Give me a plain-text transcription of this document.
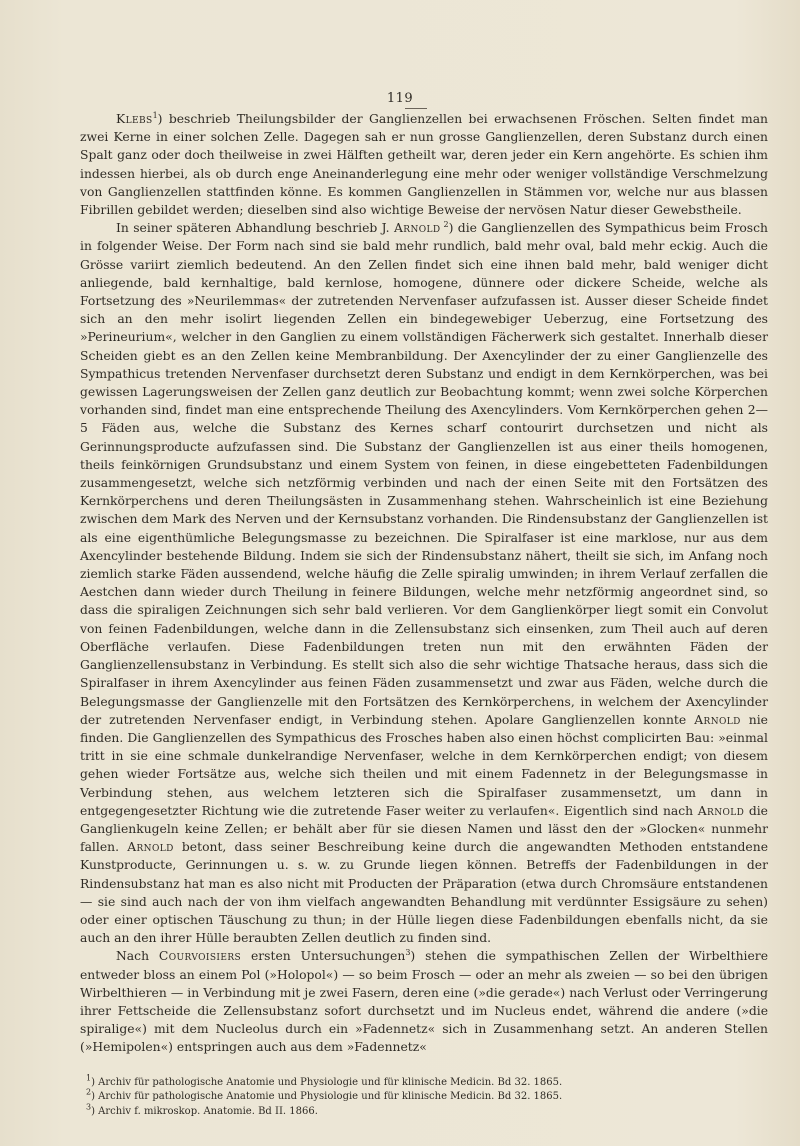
119

Klebs$^1$) beschrieb Theilungsbilder der Ganglienzellen bei erwachsenen Fröschen. Selten findet man zwei Kerne in einer solchen Zelle. Dagegen sah er nun grosse Ganglienzellen, deren Substanz durch einen Spalt ganz oder doch theilweise in zwei Hälften getheilt war, deren jeder ein Kern angehörte. Es schien ihm indessen hierbei, als ob durch enge Aneinanderlegung eine mehr oder weniger vollständige Verschmelzung von Ganglienzellen stattfinden könne. Es kommen Ganglienzellen in Stämmen vor, welche nur aus blassen Fibrillen gebildet werden; dieselben sind also wichtige Beweise der nervösen Natur dieser Gewebstheile.

In seiner späteren Abhandlung beschrieb J. Arnold $^2$) die Ganglienzellen des Sympathicus beim Frosch in folgender Weise. Der Form nach sind sie bald mehr rundlich, bald mehr oval, bald mehr eckig. Auch die Grösse variirt ziemlich bedeutend. An den Zellen findet sich eine ihnen bald mehr, bald weniger dicht anliegende, bald kernhaltige, bald kernlose, homogene, dünnere oder dickere Scheide, welche als Fortsetzung des »Neurilemmas« der zutretenden Nervenfaser aufzufassen ist. Ausser dieser Scheide findet sich an den mehr isolirt liegenden Zellen ein bindegewebiger Ueberzug, eine Fortsetzung des »Perineurium«, welcher in den Ganglien zu einem vollständigen Fächerwerk sich gestaltet. Innerhalb dieser Scheiden giebt es an den Zellen keine Membranbildung. Der Axencylinder der zu einer Ganglienzelle des Sympathicus tretenden Nervenfaser durchsetzt deren Substanz und endigt in dem Kernkörperchen, was bei gewissen Lagerungsweisen der Zellen ganz deutlich zur Beobachtung kommt; wenn zwei solche Körperchen vorhanden sind, findet man eine entsprechende Theilung des Axencylinders. Vom Kernkörperchen gehen 2—5 Fäden aus, welche die Substanz des Kernes scharf contourirt durchsetzen und nicht als Gerinnungsproducte aufzufassen sind. Die Substanz der Ganglienzellen ist aus einer theils homogenen, theils feinkörnigen Grundsubstanz und einem System von feinen, in diese eingebetteten Fadenbildungen zusammengesetzt, welche sich netzförmig verbinden und nach der einen Seite mit den Fortsätzen des Kernkörperchens und deren Theilungsästen in Zusammenhang stehen. Wahrscheinlich ist eine Beziehung zwischen dem Mark des Nerven und der Kernsubstanz vorhanden. Die Rindensubstanz der Ganglienzellen ist als eine eigenthümliche Belegungsmasse zu bezeichnen. Die Spiralfaser ist eine marklose, nur aus dem Axencylinder bestehende Bildung. Indem sie sich der Rindensubstanz nähert, theilt sie sich, im Anfang noch ziemlich starke Fäden aussendend, welche häufig die Zelle spiralig umwinden; in ihrem Verlauf zerfallen die Aestchen dann wieder durch Theilung in feinere Bildungen, welche mehr netzförmig angeordnet sind, so dass die spiraligen Zeichnungen sich sehr bald verlieren. Vor dem Ganglienkörper liegt somit ein Convolut von feinen Fadenbildungen, welche dann in die Zellensubstanz sich einsenken, zum Theil auch auf deren Oberfläche verlaufen. Diese Fadenbildungen treten nun mit den erwähnten Fäden der Ganglienzellensubstanz in Verbindung. Es stellt sich also die sehr wichtige Thatsache heraus, dass sich die Spiralfaser in ihrem Axencylinder aus feinen Fäden zusammensetzt und zwar aus Fäden, welche durch die Belegungsmasse der Ganglienzelle mit den Fortsätzen des Kernkörperchens, in welchem der Axencylinder der zutretenden Nervenfaser endigt, in Verbindung stehen. Apolare Ganglienzellen konnte Arnold nie finden. Die Ganglienzellen des Sympathicus des Frosches haben also einen höchst complicirten Bau: »einmal tritt in sie eine schmale dunkelrandige Nervenfaser, welche in dem Kernkörperchen endigt; von diesem gehen wieder Fortsätze aus, welche sich theilen und mit einem Fadennetz in der Belegungsmasse in Verbindung stehen, aus welchem letzteren sich die Spiralfaser zusammensetzt, um dann in entgegengesetzter Richtung wie die zutretende Faser weiter zu verlaufen«. Eigentlich sind nach Arnold die Ganglienkugeln keine Zellen; er behält aber für sie diesen Namen und lässt den der »Glocken« nunmehr fallen. Arnold betont, dass seiner Beschreibung keine durch die angewandten Methoden entstandene Kunstproducte, Gerinnungen u. s. w. zu Grunde liegen können. Betreffs der Fadenbildungen in der Rindensubstanz hat man es also nicht mit Producten der Präparation (etwa durch Chromsäure entstandenen — sie sind auch nach der von ihm vielfach angewandten Behandlung mit verdünnter Essigsäure zu sehen) oder einer optischen Täuschung zu thun; in der Hülle liegen diese Fadenbildungen ebenfalls nicht, da sie auch an den ihrer Hülle beraubten Zellen deutlich zu finden sind.

Nach Courvoisiers ersten Untersuchungen$^3$) stehen die sympathischen Zellen der Wirbelthiere entweder bloss an einem Pol (»Holopol«) — so beim Frosch — oder an mehr als zweien — so bei den übrigen Wirbelthieren — in Verbindung mit je zwei Fasern, deren eine (»die gerade«) nach Verlust oder Verringerung ihrer Fettscheide die Zellensubstanz sofort durchsetzt und im Nucleus endet, während die andere (»die spiralige«) mit dem Nucleolus durch ein »Fadennetz« sich in Zusammenhang setzt. An anderen Stellen (»Hemipolen«) entspringen auch aus dem »Fadennetz«

$^1$) Archiv für pathologische Anatomie und Physiologie und für klinische Medicin. Bd 32. 1865.
$^2$) Archiv für pathologische Anatomie und Physiologie und für klinische Medicin. Bd 32. 1865.
$^3$) Archiv f. mikroskop. Anatomie. Bd II. 1866.
